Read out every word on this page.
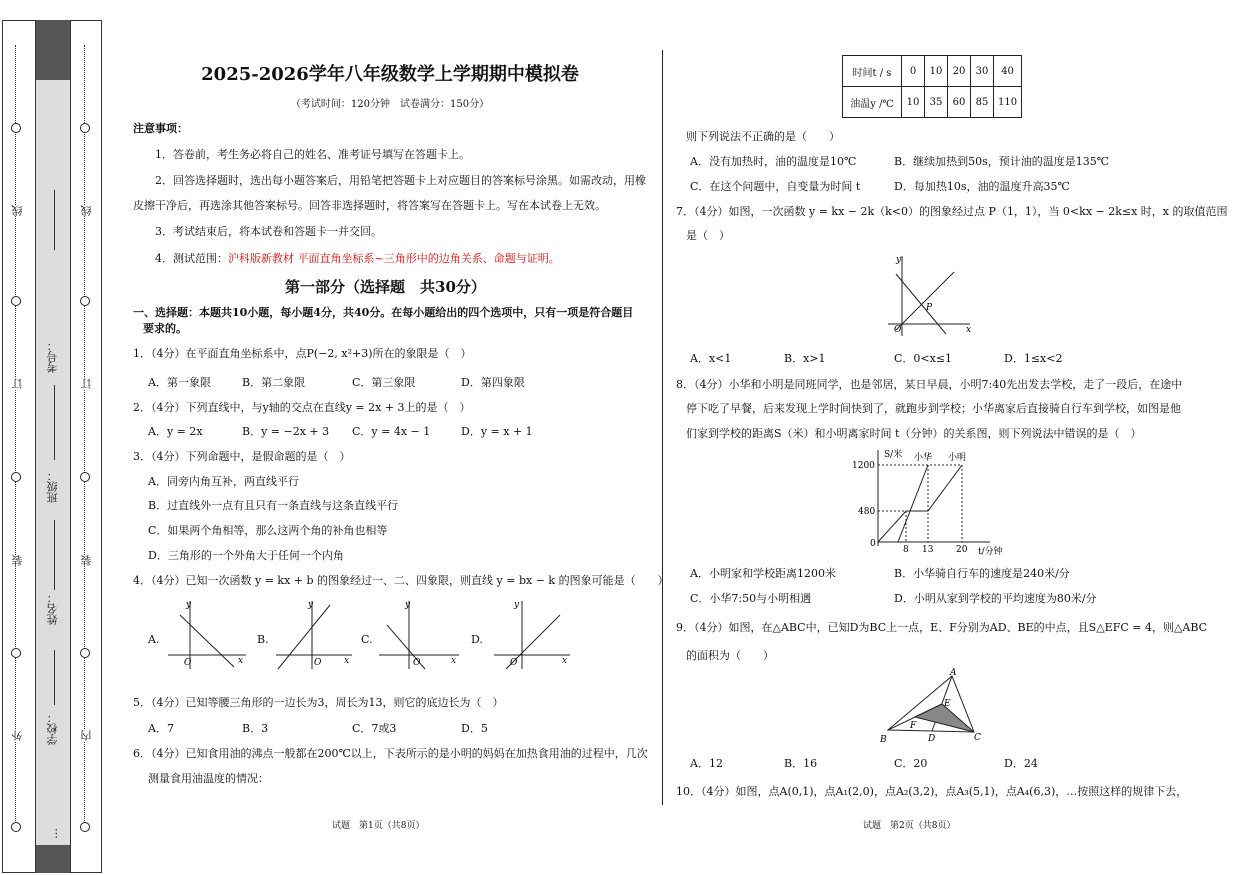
线
订
装
外
线
订
装
内
考号：
班级：
姓名：
学校：
…
2025-2026学年八年级数学上学期期中模拟卷
（考试时间：120分钟　试卷满分：150分）
注意事项：
1．答卷前，考生务必将自己的姓名、准考证号填写在答题卡上。
2．回答选择题时，选出每小题答案后，用铅笔把答题卡上对应题目的答案标号涂黑。如需改动，用橡
皮擦干净后，再选涂其他答案标号。回答非选择题时，将答案写在答题卡上。写在本试卷上无效。
3．考试结束后，将本试卷和答题卡一并交回。
4．测试范围：沪科版新教材 平面直角坐标系~三角形中的边角关系、命题与证明。
第一部分（选择题　共30分）
一、选择题：本题共10小题，每小题4分，共40分。在每小题给出的四个选项中，只有一项是符合题目
要求的。
1．（4分）在平面直角坐标系中，点P(−2, x²+3)所在的象限是（　）
A．第一象限	B．第二象限	C．第三象限	D．第四象限
2．（4分）下列直线中，与y轴的交点在直线y = 2x + 3上的是（　）
A．y = 2x	B．y = −2x + 3 C．y = 4x − 1	D．y = x + 1
3．（4分）下列命题中，是假命题的是（　）
A．同旁内角互补，两直线平行
B．过直线外一点有且只有一条直线与这条直线平行
C．如果两个角相等，那么这两个角的补角也相等
D．三角形的一个外角大于任何一个内角
4．（4分）已知一次函数 y = kx + b 的图象经过一、二、四象限，则直线 y = bx − k 的图象可能是（　　）
A.	B.	C.	D.
y
x
O
y
x
O
y
x
O
y
x
O
5．（4分）已知等腰三角形的一边长为3，周长为13，则它的底边长为（　）
A．7	B．3	C．7或3	D．5
6．（4分）已知食用油的沸点一般都在200℃以上，下表所示的是小明的妈妈在加热食用油的过程中，几次
测量食用油温度的情况：
试题　第1页（共8页）
时间t / s	0	10	20	30	40
油温y /℃	10	35	60	85	110
则下列说法不正确的是（　　）
A．没有加热时，油的温度是10℃	B．继续加热到50s，预计油的温度是135℃
C．在这个问题中，自变量为时间 t	D．每加热10s，油的温度升高35℃
7．（4分）如图，一次函数 y = kx − 2k（k<0）的图象经过点 P（1，1），当 0<kx − 2k≤x 时，x 的取值范围
是（　）
y
x
O
P
A．x<1	B．x>1	C．0<x≤1	D．1≤x<2
8．（4分）小华和小明是同班同学，也是邻居，某日早晨，小明7:40先出发去学校，走了一段后，在途中
停下吃了早餐，后来发现上学时间快到了，就跑步到学校；小华离家后直接骑自行车到学校，如图是他
们家到学校的距离S（米）和小明离家时间 t（分钟）的关系图，则下列说法中错误的是（　）
S/米
t/分钟
小华 小明
1200
480
0
8 13	20
A．小明家和学校距离1200米	B．小华骑自行车的速度是240米/分
C．小华7:50与小明相遇	D．小明从家到学校的平均速度为80米/分
9．（4分）如图，在△ABC中，已知D为BC上一点，E、F分别为AD、BE的中点，且S△EFC = 4，则△ABC
的面积为（　　）
A
B	C
D
E
F
A．12	B．16	C．20	D．24
10．（4分）如图，点A(0,1)，点A₁(2,0)，点A₂(3,2)，点A₃(5,1)，点A₄(6,3)，…按照这样的规律下去，
试题　第2页（共8页）
